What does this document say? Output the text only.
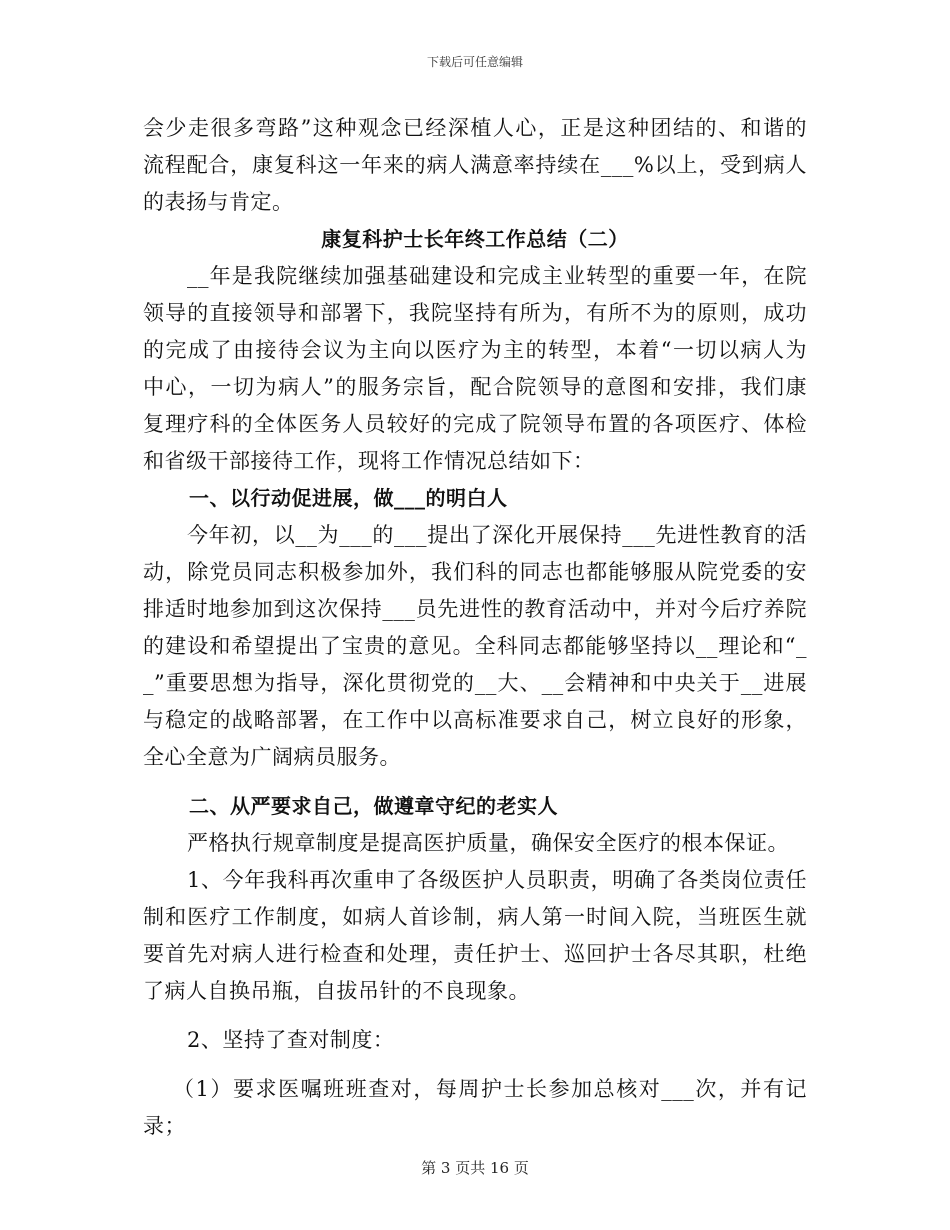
下载后可任意编辑
会少走很多弯路”这种观念已经深植人心，正是这种团结的、和谐的
流程配合，康复科这一年来的病人满意率持续在___%以上，受到病人
的表扬与肯定。
康复科护士长年终工作总结（二）
__年是我院继续加强基础建设和完成主业转型的重要一年，在院
领导的直接领导和部署下，我院坚持有所为，有所不为的原则，成功
的完成了由接待会议为主向以医疗为主的转型，本着“一切以病人为
中心，一切为病人”的服务宗旨，配合院领导的意图和安排，我们康
复理疗科的全体医务人员较好的完成了院领导布置的各项医疗、体检
和省级干部接待工作，现将工作情况总结如下：
一、以行动促进展，做___的明白人
今年初，以__为___的___提出了深化开展保持___先进性教育的活
动，除党员同志积极参加外，我们科的同志也都能够服从院党委的安
排适时地参加到这次保持___员先进性的教育活动中，并对今后疗养院
的建设和希望提出了宝贵的意见。全科同志都能够坚持以__理论和“_
_”重要思想为指导，深化贯彻党的__大、__会精神和中央关于__进展
与稳定的战略部署，在工作中以高标准要求自己，树立良好的形象，
全心全意为广阔病员服务。
二、从严要求自己，做遵章守纪的老实人
严格执行规章制度是提高医护质量，确保安全医疗的根本保证。
1、今年我科再次重申了各级医护人员职责，明确了各类岗位责任
制和医疗工作制度，如病人首诊制，病人第一时间入院，当班医生就
要首先对病人进行检查和处理，责任护士、巡回护士各尽其职，杜绝
了病人自换吊瓶，自拔吊针的不良现象。
2、坚持了查对制度：
（1）要求医嘱班班查对，每周护士长参加总核对___次，并有记
录；
第 3 页共 16 页
